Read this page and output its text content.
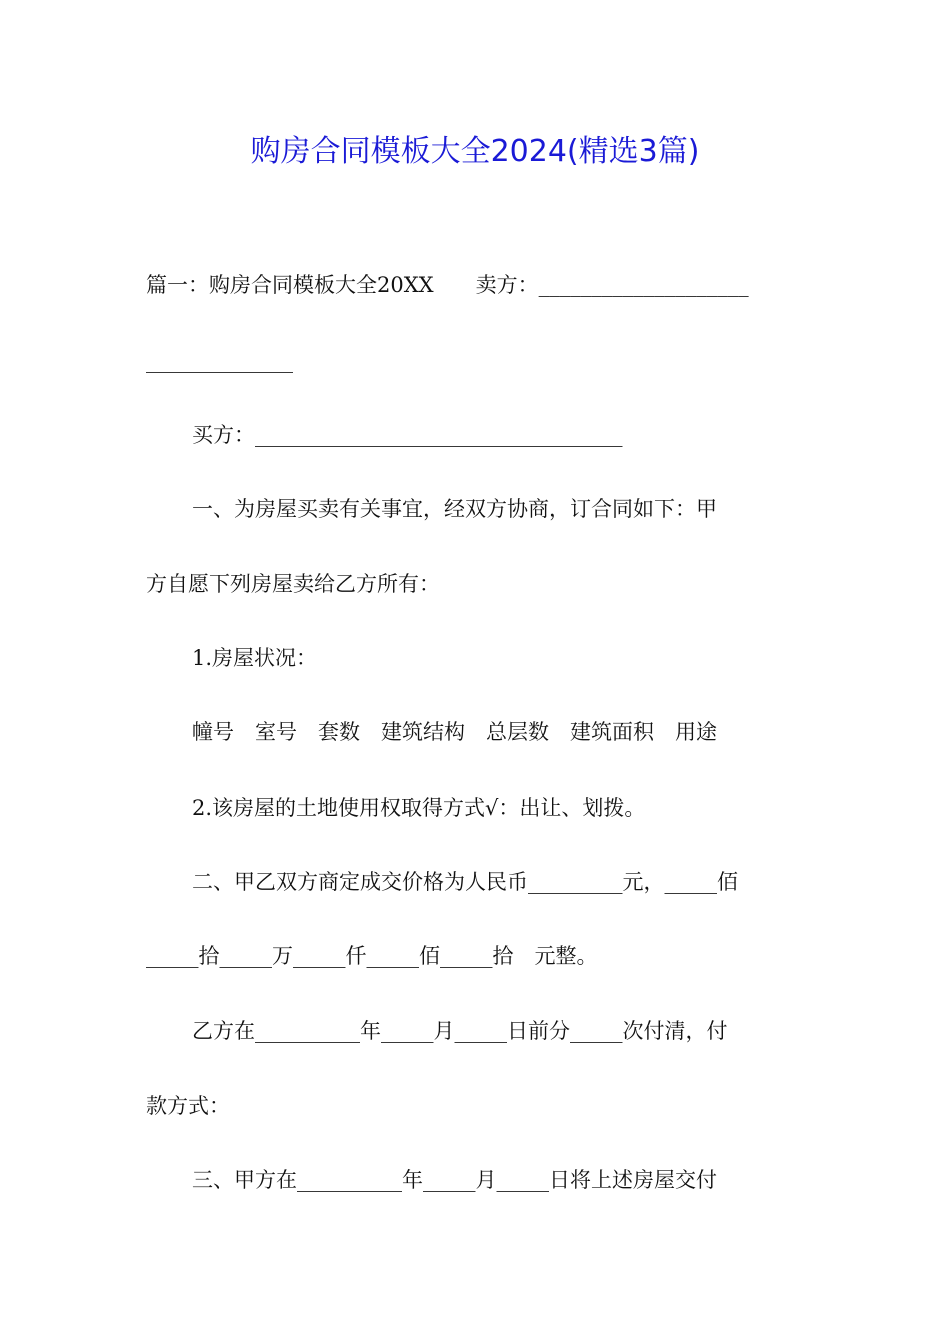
购房合同模板大全2024(精选3篇)
篇一：购房合同模板大全20XX　　卖方：____________________
______________
买方：___________________________________
一、为房屋买卖有关事宜，经双方协商，订合同如下：甲
方自愿下列房屋卖给乙方所有：
1.房屋状况：
幢号　室号　套数　建筑结构　总层数　建筑面积　用途
2.该房屋的土地使用权取得方式√：出让、划拨。
二、甲乙双方商定成交价格为人民币_________元，_____佰
_____拾_____万_____仟_____佰_____拾　元整。
乙方在__________年_____月_____日前分_____次付清，付
款方式：
三、甲方在__________年_____月_____日将上述房屋交付
